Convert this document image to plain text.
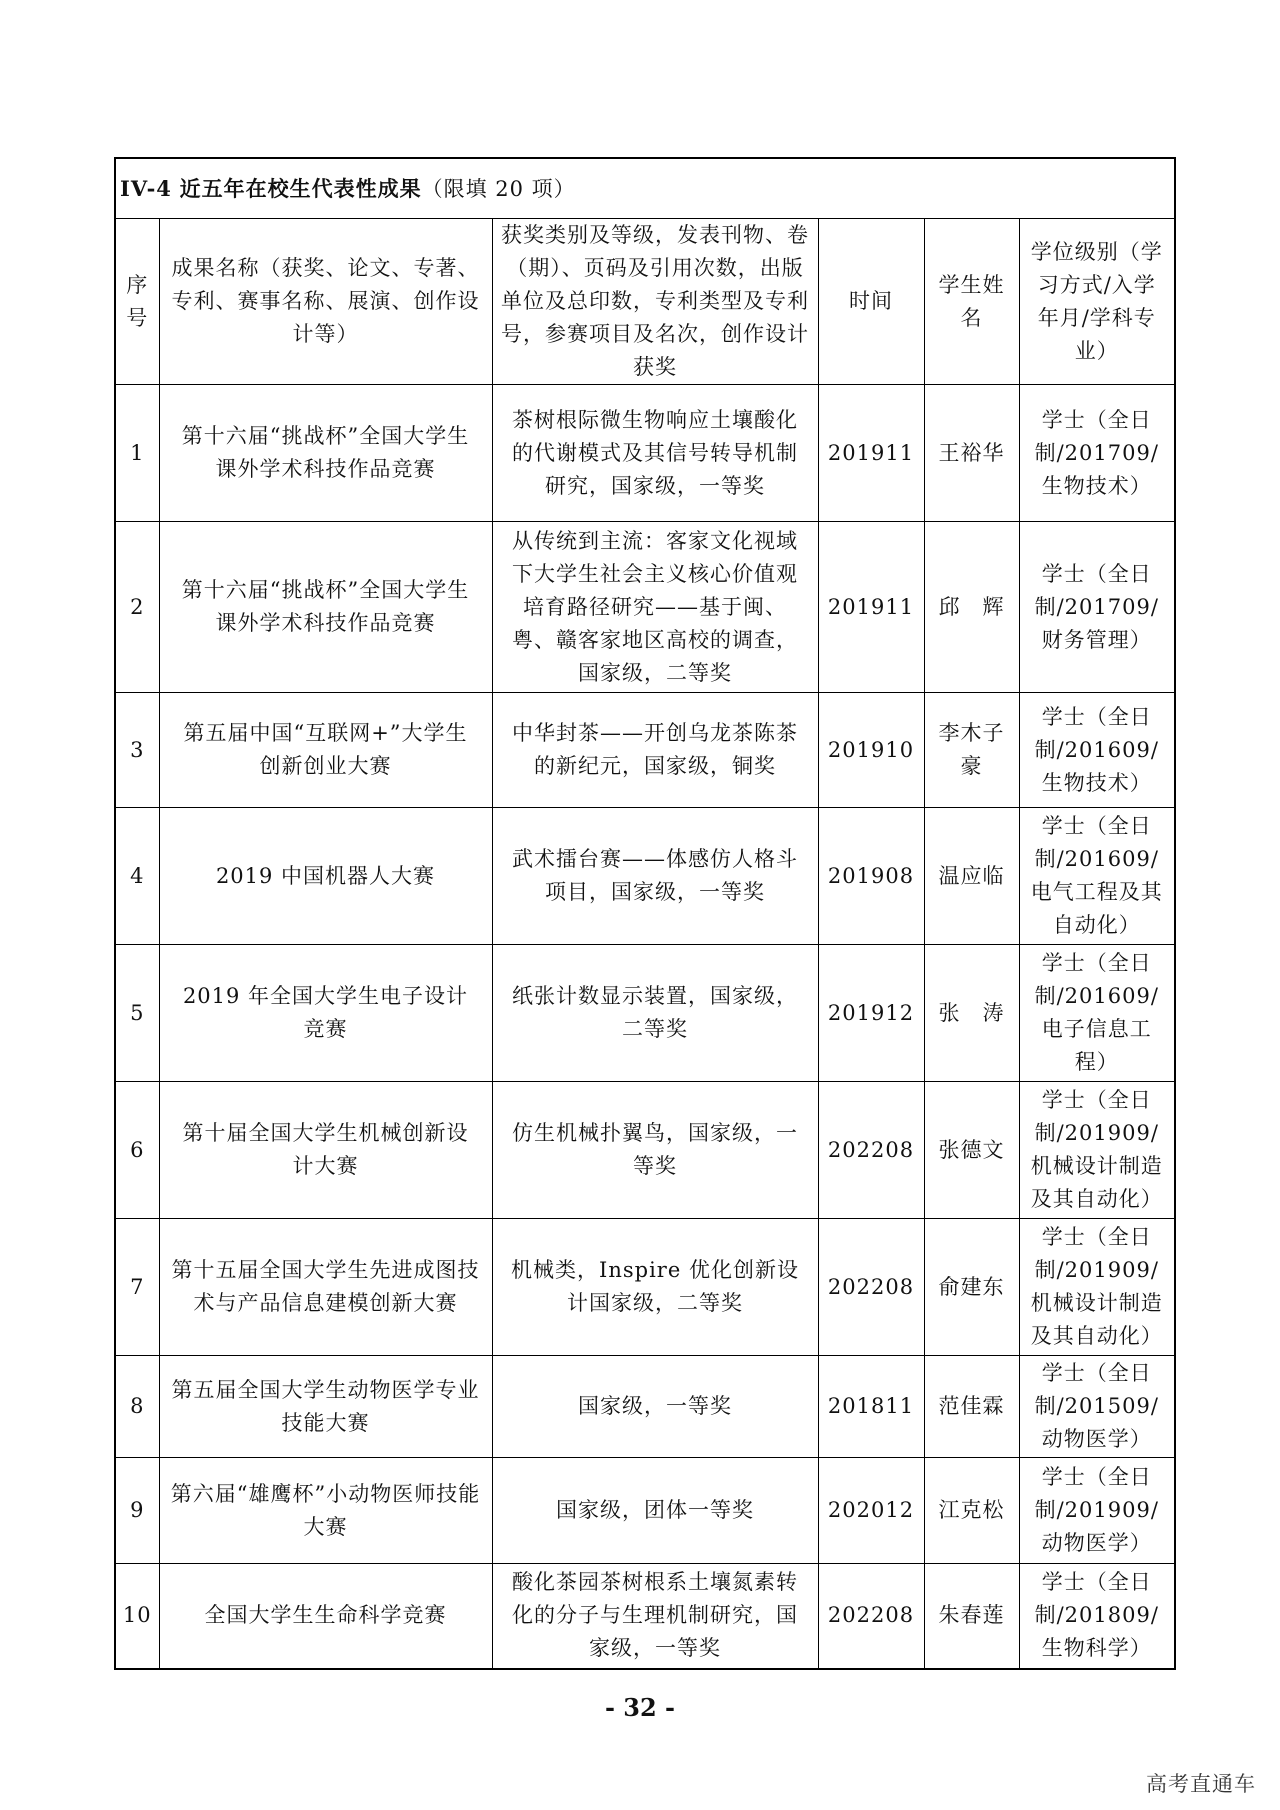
IV-4 近五年在校生代表性成果（限填 20 项）					
序号	成果名称（获奖、论文、专著、专利、赛事名称、展演、创作设计等）	获奖类别及等级，发表刊物、卷（期）、页码及引用次数，出版单位及总印数，专利类型及专利号，参赛项目及名次，创作设计获奖	时间	学生姓名	学位级别（学习方式/入学年月/学科专业）
1	第十六届“挑战杯”全国大学生课外学术科技作品竞赛	茶树根际微生物响应土壤酸化的代谢模式及其信号转导机制研究，国家级，一等奖	201911	王裕华	学士（全日制/201709/生物技术）
2	第十六届“挑战杯”全国大学生课外学术科技作品竞赛	从传统到主流：客家文化视域下大学生社会主义核心价值观培育路径研究——基于闽、粤、赣客家地区高校的调查，国家级，二等奖	201911	邱　辉	学士（全日制/201709/财务管理）
3	第五届中国“互联网+”大学生创新创业大赛	中华封茶——开创乌龙茶陈茶的新纪元，国家级，铜奖	201910	李木子豪	学士（全日制/201609/生物技术）
4	2019 中国机器人大赛	武术擂台赛——体感仿人格斗项目，国家级，一等奖	201908	温应临	学士（全日制/201609/电气工程及其自动化）
5	2019 年全国大学生电子设计竞赛	纸张计数显示装置，国家级，二等奖	201912	张　涛	学士（全日制/201609/电子信息工程）
6	第十届全国大学生机械创新设计大赛	仿生机械扑翼鸟，国家级，一等奖	202208	张德文	学士（全日制/201909/机械设计制造及其自动化）
7	第十五届全国大学生先进成图技术与产品信息建模创新大赛	机械类，Inspire 优化创新设计国家级，二等奖	202208	俞建东	学士（全日制/201909/机械设计制造及其自动化）
8	第五届全国大学生动物医学专业技能大赛	国家级，一等奖	201811	范佳霖	学士（全日制/201509/动物医学）
9	第六届“雄鹰杯”小动物医师技能大赛	国家级，团体一等奖	202012	江克松	学士（全日制/201909/动物医学）
10	全国大学生生命科学竞赛	酸化茶园茶树根系土壤氮素转化的分子与生理机制研究，国家级，一等奖	202208	朱春莲	学士（全日制/201809/生物科学）
- 32 -
高考直通车
